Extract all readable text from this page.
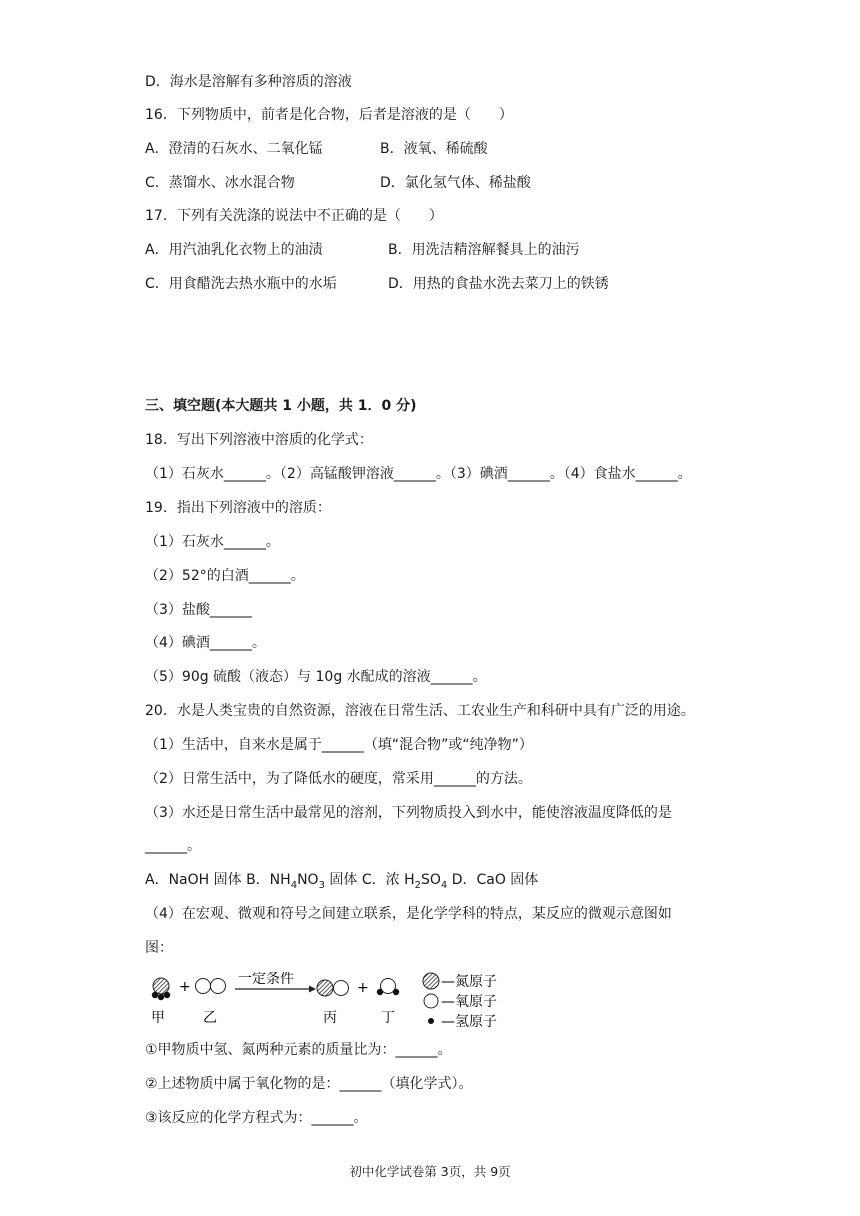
D．海水是溶解有多种溶质的溶液
16．下列物质中，前者是化合物，后者是溶液的是（　　）
A．澄清的石灰水、二氧化锰	B．液氧、稀硫酸
C．蒸馏水、冰水混合物	D．氯化氢气体、稀盐酸
17．下列有关洗涤的说法中不正确的是（　　）
A．用汽油乳化衣物上的油渍	B．用洗洁精溶解餐具上的油污
C．用食醋洗去热水瓶中的水垢	D．用热的食盐水洗去菜刀上的铁锈
三、填空题(本大题共 1 小题，共 1．0 分)
18．写出下列溶液中溶质的化学式：
（1）石灰水______。（2）高锰酸钾溶液______。（3）碘酒______。（4）食盐水______。
19．指出下列溶液中的溶质：
（1）石灰水______。
（2）52°的白酒______。
（3）盐酸______
（4）碘酒______。
（5）90g 硫酸（液态）与 10g 水配成的溶液______。
20．水是人类宝贵的自然资源，溶液在日常生活、工农业生产和科研中具有广泛的用途。
（1）生活中，自来水是属于______（填“混合物”或“纯净物”）
（2）日常生活中，为了降低水的硬度，常采用______的方法。
（3）水还是日常生活中最常见的溶剂，下列物质投入到水中，能使溶液温度降低的是
______。
A．NaOH 固体 B．$NH_4NO_3$ 固体 C．浓 $H_2SO_4$ D．CaO 固体
（4）在宏观、微观和符号之间建立联系，是化学学科的特点，某反应的微观示意图如
图：
+	一定条件
+
甲	乙	丙	丁
—氮原子
—氧原子
—氢原子
①甲物质中氢、氮两种元素的质量比为：______。
②上述物质中属于氧化物的是：______（填化学式）。
③该反应的化学方程式为：______。
初中化学试卷第 3页，共 9页
